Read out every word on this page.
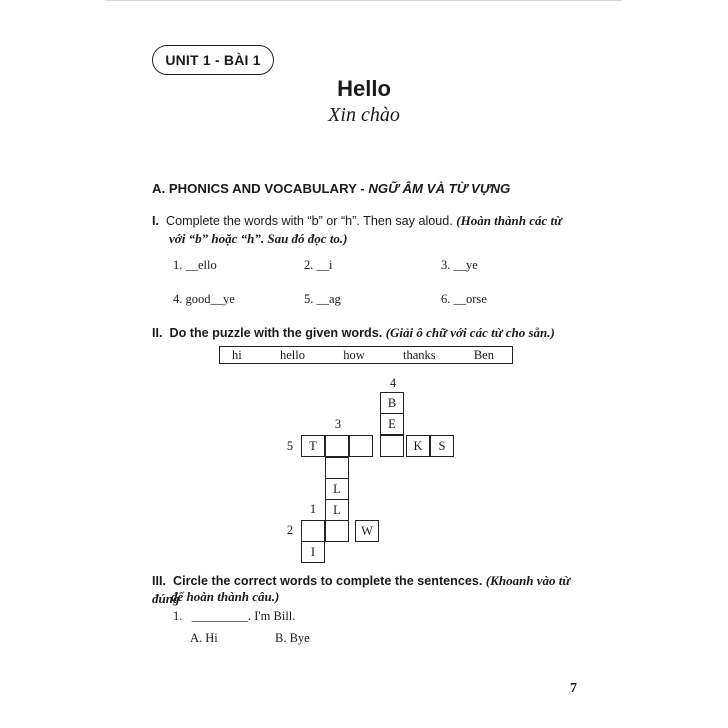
UNIT 1 - BÀI 1
Hello
Xin chào
A. PHONICS AND VOCABULARY - NGỮ ÂM VÀ TỪ VỰNG
I. Complete the words with “b” or “h”. Then say aloud. (Hoàn thành các từ
với “b” hoặc “h”. Sau đó đọc to.)
1. __ello	2. __i	3. __ye
4. good__ye	5. __ag	6. __orse
II. Do the puzzle with the given words. (Giải ô chữ với các từ cho sẵn.)
hi	hello	how	thanks	Ben
4
3
5
1
2
B
E
T	K	S
L
L
W
I
III. Circle the correct words to complete the sentences. (Khoanh vào từ đúng
để hoàn thành câu.)
1. _________. I'm Bill.
A. Hi	B. Bye
7
